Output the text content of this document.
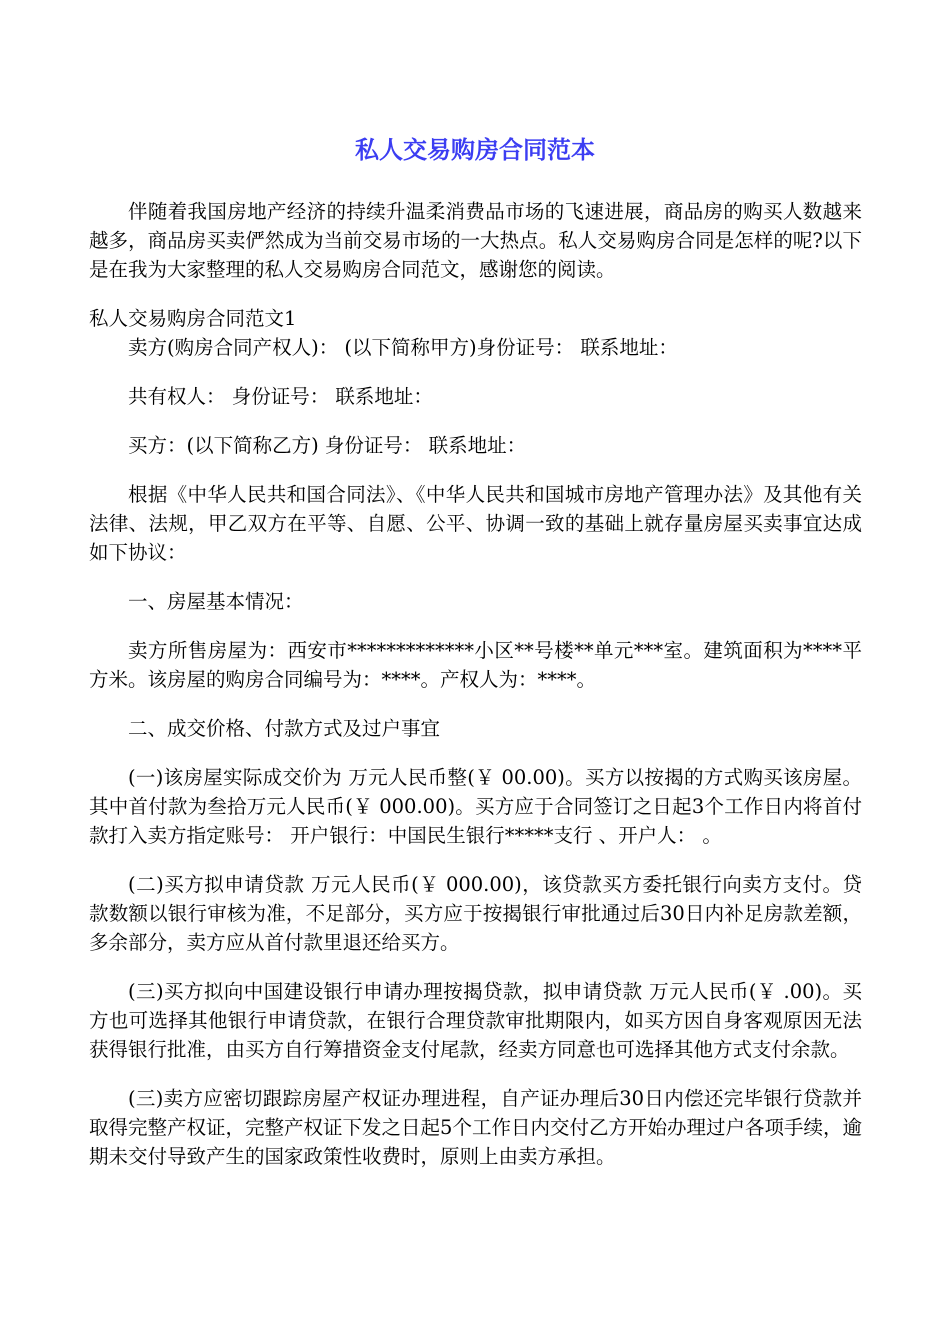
私人交易购房合同范本

伴随着我国房地产经济的持续升温柔消费品市场的飞速进展，商品房的购买人数越来越多，商品房买卖俨然成为当前交易市场的一大热点。私人交易购房合同是怎样的呢?以下是在我为大家整理的私人交易购房合同范文，感谢您的阅读。

私人交易购房合同范文1

卖方(购房合同产权人)： (以下简称甲方)身份证号： 联系地址：

共有权人： 身份证号： 联系地址：

买方：(以下简称乙方) 身份证号： 联系地址：

根据《中华人民共和国合同法》、《中华人民共和国城市房地产管理办法》及其他有关法律、法规，甲乙双方在平等、自愿、公平、协调一致的基础上就存量房屋买卖事宜达成如下协议：

一、房屋基本情况：

卖方所售房屋为：西安市*************小区**号楼**单元***室。建筑面积为****平方米。该房屋的购房合同编号为：****。产权人为：****。

二、成交价格、付款方式及过户事宜

(一)该房屋实际成交价为 万元人民币整(￥ 00.00)。买方以按揭的方式购买该房屋。其中首付款为叁拾万元人民币(￥ 000.00)。买方应于合同签订之日起3个工作日内将首付款打入卖方指定账号： 开户银行：中国民生银行*****支行 、开户人： 。

(二)买方拟申请贷款 万元人民币(￥ 000.00)，该贷款买方委托银行向卖方支付。贷款数额以银行审核为准，不足部分，买方应于按揭银行审批通过后30日内补足房款差额，多余部分，卖方应从首付款里退还给买方。

(三)买方拟向中国建设银行申请办理按揭贷款，拟申请贷款 万元人民币(￥ .00)。买方也可选择其他银行申请贷款，在银行合理贷款审批期限内，如买方因自身客观原因无法获得银行批准，由买方自行筹措资金支付尾款，经卖方同意也可选择其他方式支付余款。

(三)卖方应密切跟踪房屋产权证办理进程，自产证办理后30日内偿还完毕银行贷款并取得完整产权证，完整产权证下发之日起5个工作日内交付乙方开始办理过户各项手续，逾期未交付导致产生的国家政策性收费时，原则上由卖方承担。
